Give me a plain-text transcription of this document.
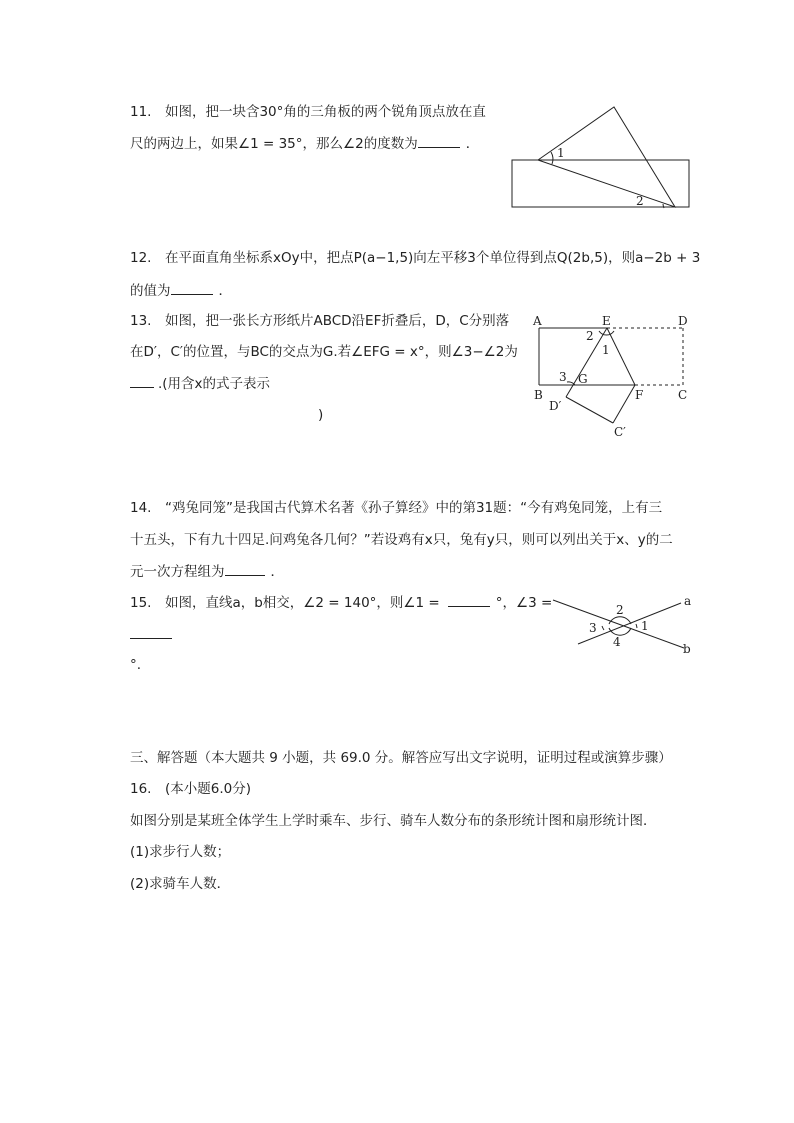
11.　如图，把一块含30°角的三角板的两个锐角顶点放在直
尺的两边上，如果∠1 = 35°，那么∠2的度数为	．
1
2
12.　在平面直角坐标系xOy中，把点P(a−1,5)向左平移3个单位得到点Q(2b,5)，则a−2b + 3
的值为	．
13.　如图，把一张长方形纸片ABCD沿EF折叠后，D，C分别落
在D′，C′的位置，与BC的交点为G.若∠EFG = x°，则∠3−∠2为
.(用含x的式子表示
)
A	E	D
2
1
3 G
B
D′
F	C
C′
14.　“鸡兔同笼”是我国古代算术名著《孙子算经》中的第31题：“今有鸡兔同笼，上有三
十五头，下有九十四足.问鸡兔各几何？”若设鸡有x只，兔有y只，则可以列出关于x、y的二
元一次方程组为	．
15.　如图，直线a，b相交，∠2 = 140°，则∠1 =	°，∠3 =
°.
a
2
3	1
4	b
三、解答题（本大题共 9 小题，共 69.0 分。解答应写出文字说明，证明过程或演算步骤）
16.　(本小题6.0分)
如图分别是某班全体学生上学时乘车、步行、骑车人数分布的条形统计图和扇形统计图．
(1)求步行人数；
(2)求骑车人数．
